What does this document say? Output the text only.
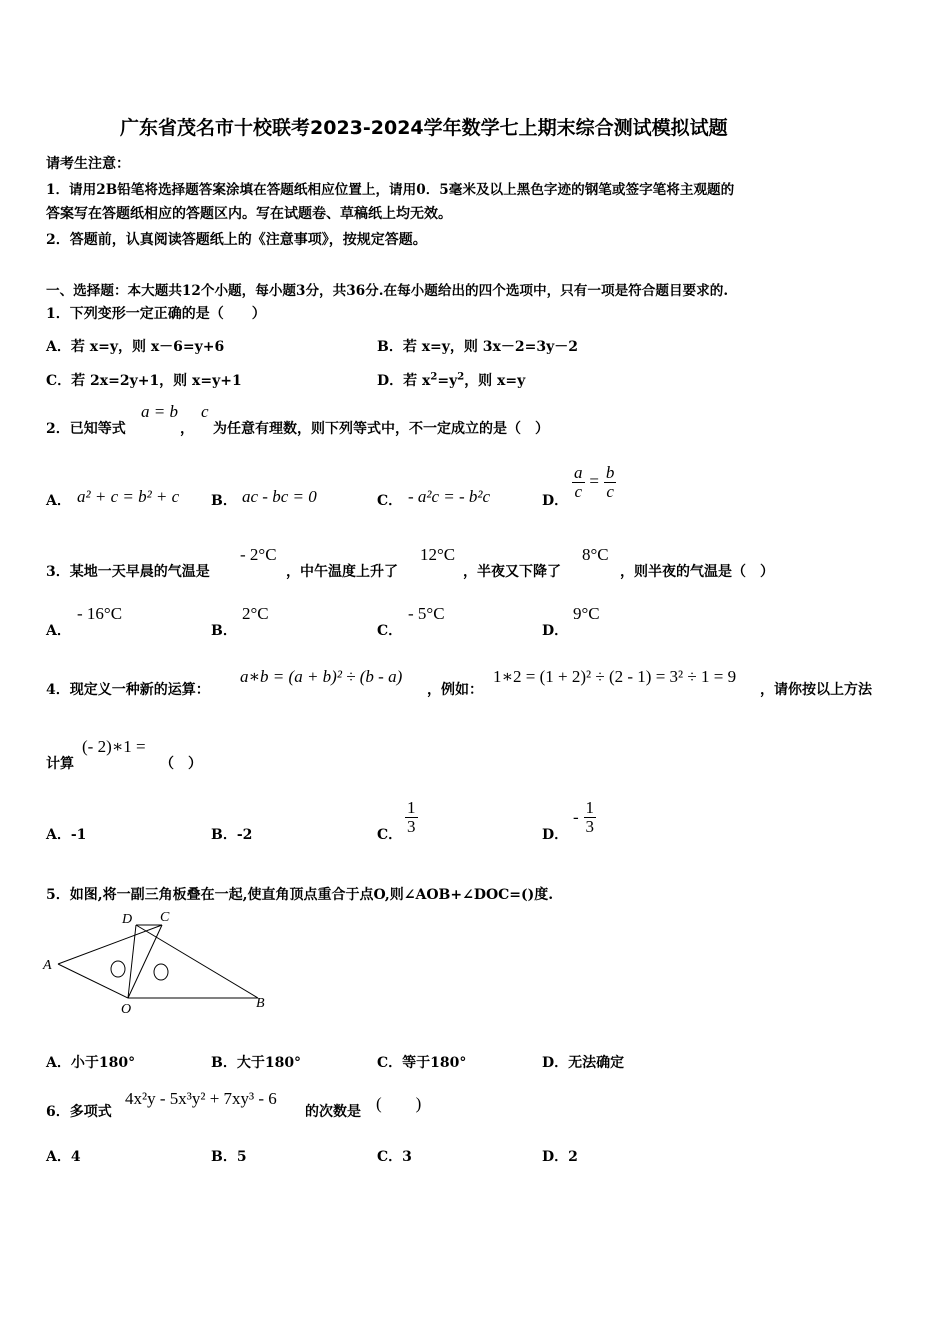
广东省茂名市十校联考2023-2024学年数学七上期末综合测试模拟试题
请考生注意：
1．请用2B铅笔将选择题答案涂填在答题纸相应位置上，请用0．5毫米及以上黑色字迹的钢笔或签字笔将主观题的
答案写在答题纸相应的答题区内。写在试题卷、草稿纸上均无效。
2．答题前，认真阅读答题纸上的《注意事项》，按规定答题。
一、选择题：本大题共12个小题，每小题3分，共36分.在每小题给出的四个选项中，只有一项是符合题目要求的.
1．下列变形一定正确的是（　　）
A．若 x=y，则 x－6=y+6	B．若 x=y，则 3x－2=3y－2
C．若 2x=2y+1，则 x=y+1	D．若 $x^2=y^2$，则 x=y
2．已知等式
a = b
，
c
为任意有理数，则下列等式中，不一定成立的是（　）
A． a² + c = b² + c B． ac - bc = 0	C． - a²c = - b²c	D． $\frac{a}{c} = \frac{b}{c}$
3．某地一天早晨的气温是
- 2°C
，中午温度上升了
12°C
，半夜又下降了
8°C
，则半夜的气温是（　）
A．
- 16°C
B．
2°C
C．
- 5°C
D．
9°C
4．现定义一种新的运算：
a∗b = (a + b)² ÷ (b - a)
，例如：
1∗2 = (1 + 2)² ÷ (2 - 1) = 3² ÷ 1 = 9
，请你按以上方法
计算
(- 2)∗1 =
（　）
A．-1	B．-2	C． $\frac{1}{3}$	D．
- $\frac{1}{3}$
5．如图,将一副三角板叠在一起,使直角顶点重合于点O,则∠AOB+∠DOC=()度.
A
B
C
D
O
A．小于180°	B．大于180°	C．等于180°	D．无法确定
6．多项式
4x²y - 5x³y² + 7xy³ - 6
的次数是 (　　)
A．4	B．5	C．3	D．2
